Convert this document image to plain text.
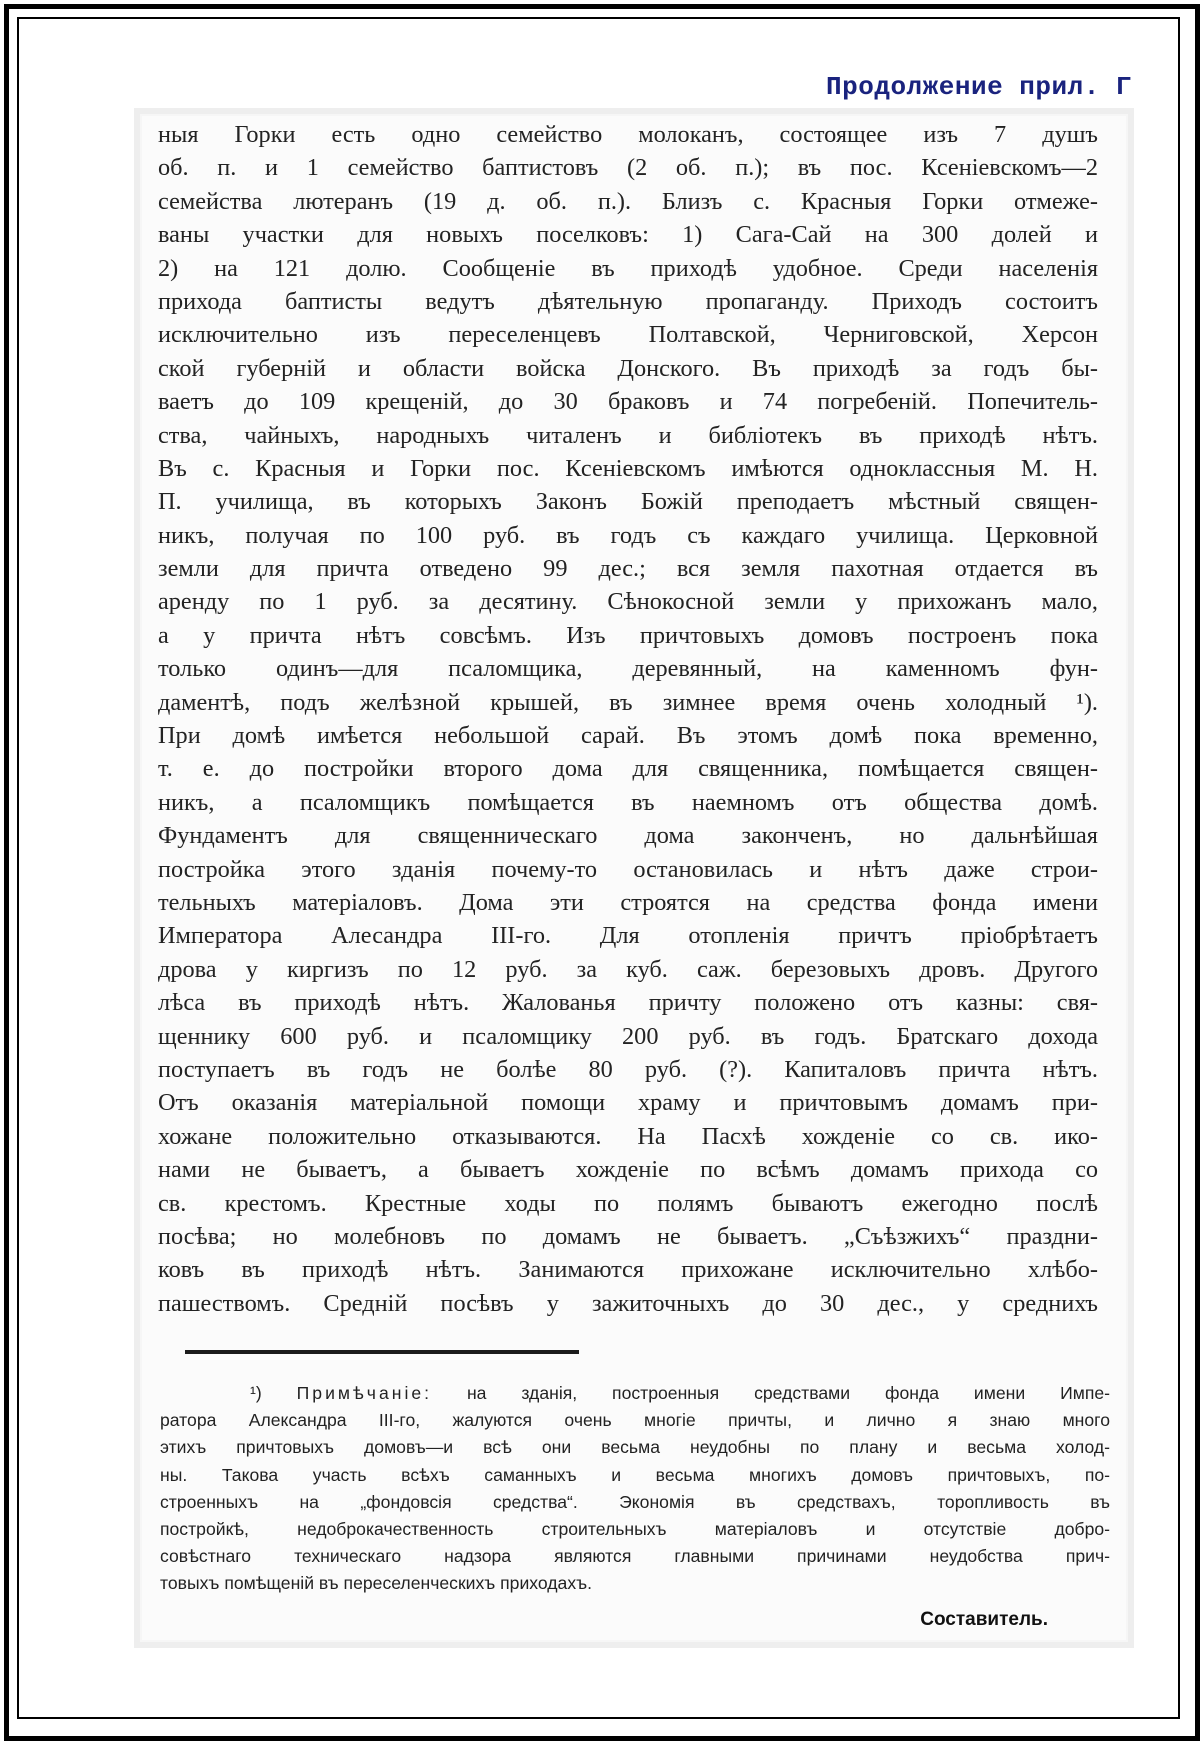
Продолжение прил. Г
ныя Горки есть одно семейство молоканъ, состоящее изъ 7 душъ
об. п. и 1 семейство баптистовъ (2 об. п.); въ пос. Ксенiевскомъ—2
семейства лютеранъ (19 д. об. п.). Близъ с. Красныя Горки отмеже-
ваны участки для новыхъ поселковъ: 1) Сага-Сай на 300 долей и
2) на 121 долю. Сообщенiе въ приходѣ удобное. Среди населенiя
прихода баптисты ведутъ дѣятельную пропаганду. Приходъ состоитъ
исключительно изъ переселенцевъ Полтавской, Черниговской, Херсон
ской губернiй и области войска Донского. Въ приходѣ за годъ бы-
ваетъ до 109 крещенiй, до 30 браковъ и 74 погребенiй. Попечитель-
ства, чайныхъ, народныхъ читаленъ и библiотекъ въ приходѣ нѣтъ.
Въ с. Красныя и Горки пос. Ксенiевскомъ имѣются одноклассныя М. Н.
П. училища, въ которыхъ Законъ Божiй преподаетъ мѣстный священ-
никъ, получая по 100 руб. въ годъ съ каждаго училища. Церковной
земли для причта отведено 99 дес.; вся земля пахотная отдается въ
аренду по 1 руб. за десятину. Сѣнокосной земли у прихожанъ мало,
а у причта нѣтъ совсѣмъ. Изъ причтовыхъ домовъ построенъ пока
только одинъ—для псаломщика, деревянный, на каменномъ фун-
даментѣ, подъ желѣзной крышей, въ зимнее время очень холодный ¹).
При домѣ имѣется небольшой сарай. Въ этомъ домѣ пока временно,
т. е. до постройки второго дома для священника, помѣщается священ-
никъ, а псаломщикъ помѣщается въ наемномъ отъ общества домѣ.
Фундаментъ для священническаго дома законченъ, но дальнѣйшая
постройка этого зданiя почему-то остановилась и нѣтъ даже строи-
тельныхъ матерiаловъ. Дома эти строятся на средства фонда имени
Императора Алесандра III-го. Для отопленiя причтъ прiобрѣтаетъ
дрова у киргизъ по 12 руб. за куб. саж. березовыхъ дровъ. Другого
лѣса въ приходѣ нѣтъ. Жалованья причту положено отъ казны: свя-
щеннику 600 руб. и псаломщику 200 руб. въ годъ. Братскаго дохода
поступаетъ въ годъ не болѣе 80 руб. (?). Капиталовъ причта нѣтъ.
Отъ оказанiя матерiальной помощи храму и причтовымъ домамъ при-
хожане положительно отказываются. На Пасхѣ хожденiе со св. ико-
нами не бываетъ, а бываетъ хожденiе по всѣмъ домамъ прихода со
св. крестомъ. Крестные ходы по полямъ бываютъ ежегодно послѣ
посѣва; но молебновъ по домамъ не бываетъ. „Съѣзжихъ“ праздни-
ковъ въ приходѣ нѣтъ. Занимаются прихожане исключительно хлѣбо-
пашествомъ. Среднiй посѣвъ у зажиточныхъ до 30 дес., у среднихъ
¹) Примѣчанiе: на зданiя, построенныя средствами фонда имени Импе-
ратора Александра III-го, жалуются очень многiе причты, и лично я знаю много
этихъ причтовыхъ домовъ—и всѣ они весьма неудобны по плану и весьма холод-
ны. Такова участь всѣхъ саманныхъ и весьма многихъ домовъ причтовыхъ, по-
строенныхъ на „фондовсiя средства“. Экономiя въ средствахъ, торопливость въ
постройкѣ, недоброкачественность строительныхъ матерiаловъ и отсутствiе добро-
совѣстнаго техническаго надзора являются главными причинами неудобства прич-
товыхъ помѣщенiй въ переселенческихъ приходахъ.
Составитель.
